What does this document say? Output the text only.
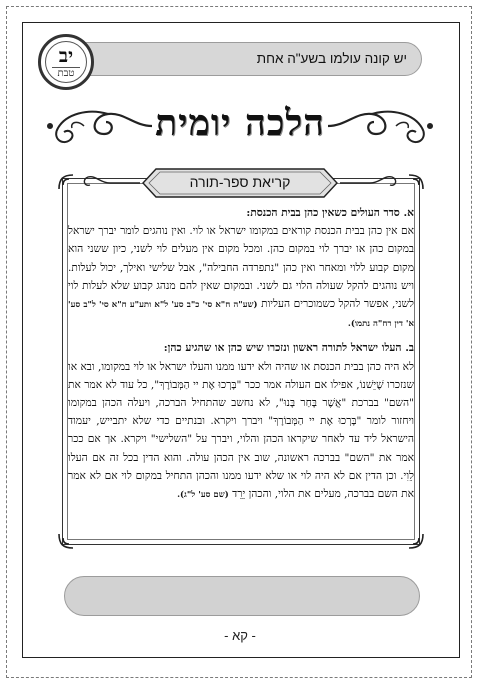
יש קונה עולמו בשע"ה אחת
יב
טבת
הלכה יומית
קריאת ספר-תורה

א. סדר העולים כשאין כהן בבית הכנסת:
אם אין כהן בבית הכנסת קוראים במקומו ישראל או לוי. ואין נוהגים לומר יברך ישראל במקום כהן או יברך לוי במקום כהן. ומכל מקום אין מעלים לוי לשני, כיון ששני הוא מקום קבוע ללוי ומאחר ואין כהן "נתפרדה החבילה", אבל שלישי ואילך, יכול לעלות. ויש נוהגים להקל שעולה הלוי גם לשני. ובמקום שאין להם מנהג קבוע שלא לעלות לוי לשני, אפשר להקל כשמוכרים העליות (שע"ה ח"א סי' כ"ב סע' ל"א ותע"ע ח"א סי' ל"ב סע' א' דין רח"ה נתמו).

ב. העלו ישראל לתורה ראשון ונזכרו שיש כהן או שהגיע כהן:
לא היה כהן בבית הכנסת או שהיה ולא ידעו ממנו והעלו ישראל או לוי במקומו, ובא או שנזכרו שֶׁיֵשׁנוֹ, אפילו אם העולה אמר ככר "בָּרְכוּ אֶת יי הַמְּבוֹרָךְ", כל עוד לא אמר את "השם" בברכת "אֲשֶׁר בָּחַר בָּנוּ", לא נחשב שהתחיל הברכה, ויעלה הכהן במקומו ויחזור לומר "בָּרְכוּ אֶת יי הַמְּבוֹרָךְ" ויברך ויקרא. ובנתיים כדי שלא יתבייש, יעמוד הישראל ליד עד לאחר שיקראו הכהן והלוי, ויברך על "השלישי" ויקרא. אך אם ככר אמר את "השם" בברכה ראשונה, שוב אין הכהן עולה. והוא הדין בכל זה אם העלו לֵוִי. וכן הדין אם לא היה לוי או שלא ידעו ממנו והכהן התחיל במקום לוי אם לא אמר את השם בברכה, מעלים את הלוי, והכהן יֵרֵד (שם סע' ל"ג).

- קא -
